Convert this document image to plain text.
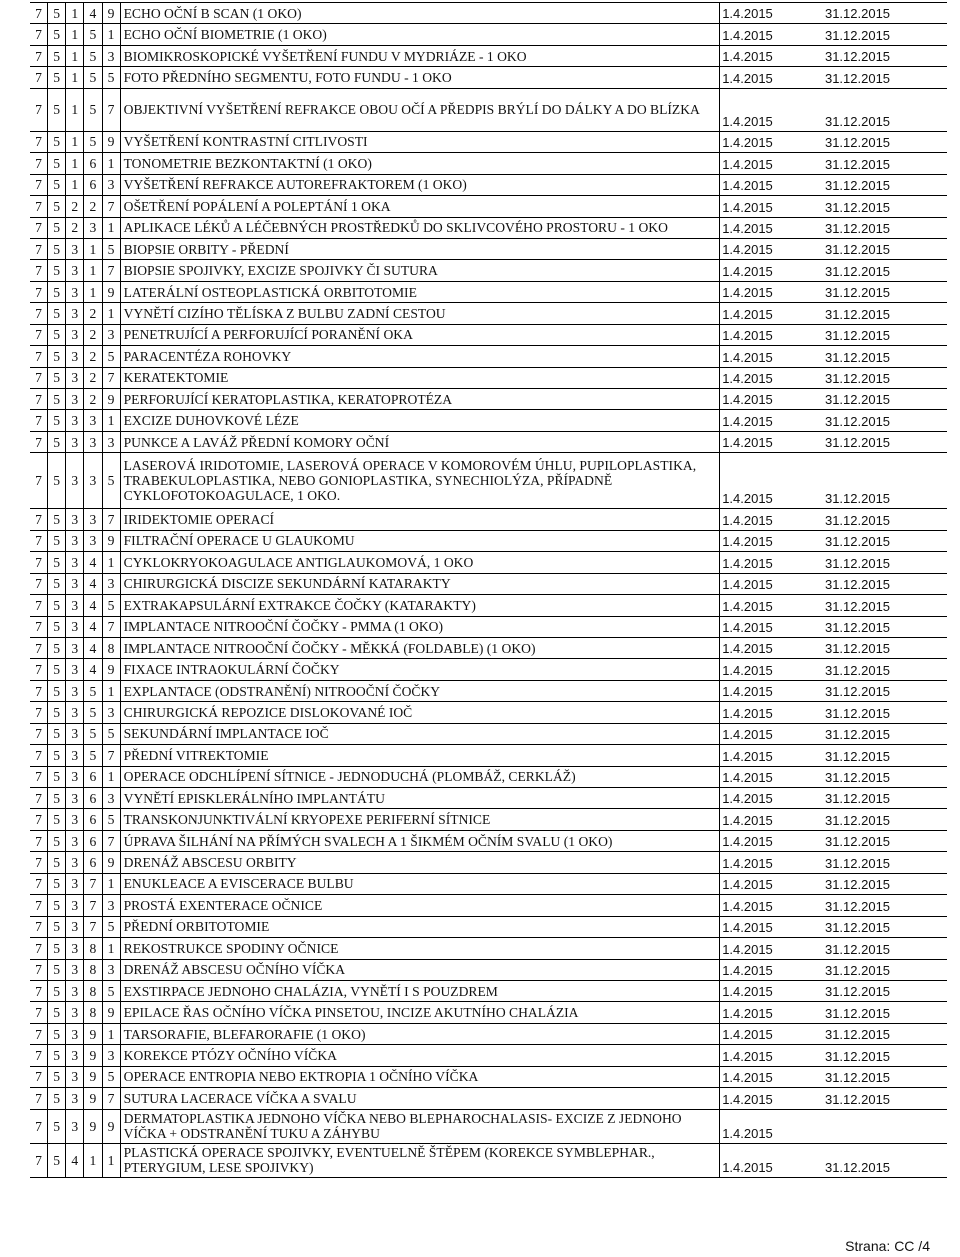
7	5	1	4	9	ECHO OČNÍ B SCAN (1 OKO)	1.4.2015	31.12.2015
7	5	1	5	1	ECHO OČNÍ BIOMETRIE (1 OKO)	1.4.2015	31.12.2015
7	5	1	5	3	BIOMIKROSKOPICKÉ VYŠETŘENÍ FUNDU V MYDRIÁZE - 1 OKO	1.4.2015	31.12.2015
7	5	1	5	5	FOTO PŘEDNÍHO SEGMENTU, FOTO FUNDU - 1 OKO	1.4.2015	31.12.2015
7	5	1	5	7	OBJEKTIVNÍ VYŠETŘENÍ REFRAKCE OBOU OČÍ A PŘEDPIS BRÝLÍ DO DÁLKY A DO BLÍZKA	1.4.2015	31.12.2015
7	5	1	5	9	VYŠETŘENÍ KONTRASTNÍ CITLIVOSTI	1.4.2015	31.12.2015
7	5	1	6	1	TONOMETRIE BEZKONTAKTNÍ (1 OKO)	1.4.2015	31.12.2015
7	5	1	6	3	VYŠETŘENÍ REFRAKCE AUTOREFRAKTOREM (1 OKO)	1.4.2015	31.12.2015
7	5	2	2	7	OŠETŘENÍ POPÁLENÍ A POLEPTÁNÍ 1 OKA	1.4.2015	31.12.2015
7	5	2	3	1	APLIKACE LÉKŮ A LÉČEBNÝCH PROSTŘEDKŮ DO SKLIVCOVÉHO PROSTORU - 1 OKO	1.4.2015	31.12.2015
7	5	3	1	5	BIOPSIE ORBITY - PŘEDNÍ	1.4.2015	31.12.2015
7	5	3	1	7	BIOPSIE SPOJIVKY, EXCIZE SPOJIVKY ČI SUTURA	1.4.2015	31.12.2015
7	5	3	1	9	LATERÁLNÍ OSTEOPLASTICKÁ ORBITOTOMIE	1.4.2015	31.12.2015
7	5	3	2	1	VYNĚTÍ CIZÍHO TĚLÍSKA Z BULBU ZADNÍ CESTOU	1.4.2015	31.12.2015
7	5	3	2	3	PENETRUJÍCÍ A PERFORUJÍCÍ PORANĚNÍ OKA	1.4.2015	31.12.2015
7	5	3	2	5	PARACENTÉZA ROHOVKY	1.4.2015	31.12.2015
7	5	3	2	7	KERATEKTOMIE	1.4.2015	31.12.2015
7	5	3	2	9	PERFORUJÍCÍ KERATOPLASTIKA, KERATOPROTÉZA	1.4.2015	31.12.2015
7	5	3	3	1	EXCIZE DUHOVKOVÉ LÉZE	1.4.2015	31.12.2015
7	5	3	3	3	PUNKCE A LAVÁŽ PŘEDNÍ KOMORY OČNÍ	1.4.2015	31.12.2015
7	5	3	3	5	LASEROVÁ IRIDOTOMIE, LASEROVÁ OPERACE V KOMOROVÉM ÚHLU, PUPILOPLASTIKA, TRABEKULOPLASTIKA, NEBO GONIOPLASTIKA, SYNECHIOLÝZA, PŘÍPADNĚ CYKLOFOTOKOAGULACE, 1 OKO.	1.4.2015	31.12.2015
7	5	3	3	7	IRIDEKTOMIE OPERACÍ	1.4.2015	31.12.2015
7	5	3	3	9	FILTRAČNÍ OPERACE U GLAUKOMU	1.4.2015	31.12.2015
7	5	3	4	1	CYKLOKRYOKOAGULACE ANTIGLAUKOMOVÁ, 1 OKO	1.4.2015	31.12.2015
7	5	3	4	3	CHIRURGICKÁ DISCIZE SEKUNDÁRNÍ KATARAKTY	1.4.2015	31.12.2015
7	5	3	4	5	EXTRAKAPSULÁRNÍ EXTRAKCE ČOČKY (KATARAKTY)	1.4.2015	31.12.2015
7	5	3	4	7	IMPLANTACE NITROOČNÍ ČOČKY - PMMA (1 OKO)	1.4.2015	31.12.2015
7	5	3	4	8	IMPLANTACE NITROOČNÍ ČOČKY - MĚKKÁ (FOLDABLE) (1 OKO)	1.4.2015	31.12.2015
7	5	3	4	9	FIXACE INTRAOKULÁRNÍ ČOČKY	1.4.2015	31.12.2015
7	5	3	5	1	EXPLANTACE (ODSTRANĚNÍ) NITROOČNÍ ČOČKY	1.4.2015	31.12.2015
7	5	3	5	3	CHIRURGICKÁ REPOZICE DISLOKOVANÉ IOČ	1.4.2015	31.12.2015
7	5	3	5	5	SEKUNDÁRNÍ IMPLANTACE IOČ	1.4.2015	31.12.2015
7	5	3	5	7	PŘEDNÍ VITREKTOMIE	1.4.2015	31.12.2015
7	5	3	6	1	OPERACE ODCHLÍPENÍ SÍTNICE - JEDNODUCHÁ (PLOMBÁŽ, CERKLÁŽ)	1.4.2015	31.12.2015
7	5	3	6	3	VYNĚTÍ EPISKLERÁLNÍHO IMPLANTÁTU	1.4.2015	31.12.2015
7	5	3	6	5	TRANSKONJUNKTIVÁLNÍ KRYOPEXE PERIFERNÍ SÍTNICE	1.4.2015	31.12.2015
7	5	3	6	7	ÚPRAVA ŠILHÁNÍ NA PŘÍMÝCH SVALECH A 1 ŠIKMÉM OČNÍM SVALU (1 OKO)	1.4.2015	31.12.2015
7	5	3	6	9	DRENÁŽ ABSCESU ORBITY	1.4.2015	31.12.2015
7	5	3	7	1	ENUKLEACE A EVISCERACE BULBU	1.4.2015	31.12.2015
7	5	3	7	3	PROSTÁ EXENTERACE OČNICE	1.4.2015	31.12.2015
7	5	3	7	5	PŘEDNÍ ORBITOTOMIE	1.4.2015	31.12.2015
7	5	3	8	1	REKOSTRUKCE SPODINY OČNICE	1.4.2015	31.12.2015
7	5	3	8	3	DRENÁŽ ABSCESU OČNÍHO VÍČKA	1.4.2015	31.12.2015
7	5	3	8	5	EXSTIRPACE JEDNOHO CHALÁZIA, VYNĚTÍ I S POUZDREM	1.4.2015	31.12.2015
7	5	3	8	9	EPILACE ŘAS OČNÍHO VÍČKA PINSETOU, INCIZE AKUTNÍHO CHALÁZIA	1.4.2015	31.12.2015
7	5	3	9	1	TARSORAFIE, BLEFARORAFIE (1 OKO)	1.4.2015	31.12.2015
7	5	3	9	3	KOREKCE PTÓZY OČNÍHO VÍČKA	1.4.2015	31.12.2015
7	5	3	9	5	OPERACE ENTROPIA NEBO EKTROPIA 1 OČNÍHO VÍČKA	1.4.2015	31.12.2015
7	5	3	9	7	SUTURA LACERACE VÍČKA A SVALU	1.4.2015	31.12.2015
7	5	3	9	9	DERMATOPLASTIKA JEDNOHO VÍČKA NEBO BLEPHAROCHALASIS- EXCIZE Z JEDNOHO VÍČKA + ODSTRANĚNÍ TUKU A ZÁHYBU	1.4.2015	
7	5	4	1	1	PLASTICKÁ OPERACE SPOJIVKY, EVENTUELNĚ ŠTĚPEM (KOREKCE SYMBLEPHAR., PTERYGIUM, LESE SPOJIVKY)	1.4.2015	31.12.2015
Strana: CC /4
